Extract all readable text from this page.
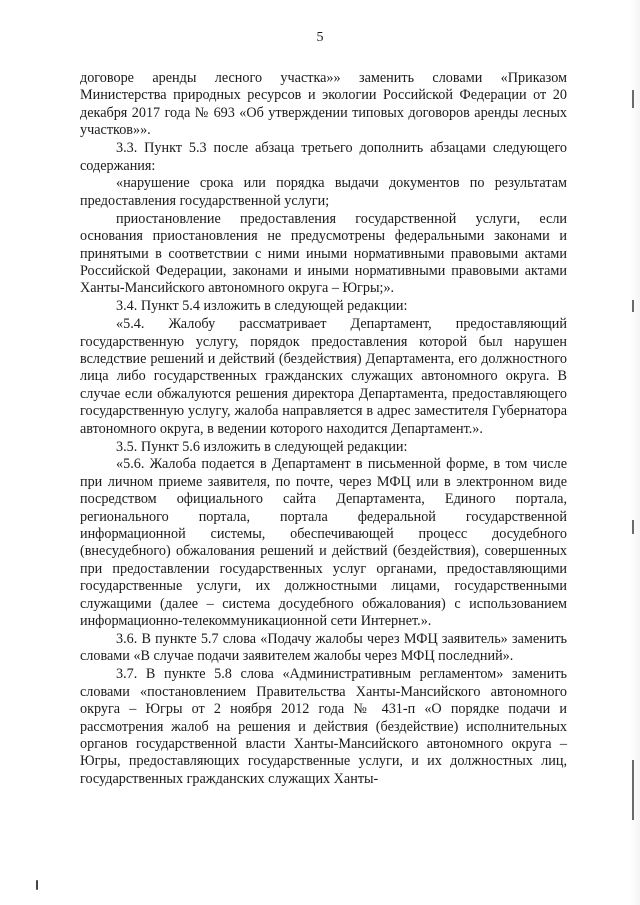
5

договоре аренды лесного участка»» заменить словами «Приказом Министерства природных ресурсов и экологии Российской Федерации от 20 декабря 2017 года № 693 «Об утверждении типовых договоров аренды лесных участков»».

3.3. Пункт 5.3 после абзаца третьего дополнить абзацами следующего содержания:

«нарушение срока или порядка выдачи документов по результатам предоставления государственной услуги;

приостановление предоставления государственной услуги, если основания приостановления не предусмотрены федеральными законами и принятыми в соответствии с ними иными нормативными правовыми актами Российской Федерации, законами и иными нормативными правовыми актами Ханты-Мансийского автономного округа – Югры;».

3.4. Пункт 5.4 изложить в следующей редакции:

«5.4. Жалобу рассматривает Департамент, предоставляющий государственную услугу, порядок предоставления которой был нарушен вследствие решений и действий (бездействия) Департамента, его должностного лица либо государственных гражданских служащих автономного округа. В случае если обжалуются решения директора Департамента, предоставляющего государственную услугу, жалоба направляется в адрес заместителя Губернатора автономного округа, в ведении которого находится Департамент.».

3.5. Пункт 5.6 изложить в следующей редакции:

«5.6. Жалоба подается в Департамент в письменной форме, в том числе при личном приеме заявителя, по почте, через МФЦ или в электронном виде посредством официального сайта Департамента, Единого портала, регионального портала, портала федеральной государственной информационной системы, обеспечивающей процесс досудебного (внесудебного) обжалования решений и действий (бездействия), совершенных при предоставлении государственных услуг органами, предоставляющими государственные услуги, их должностными лицами, государственными служащими (далее – система досудебного обжалования) с использованием информационно-телекоммуникационной сети Интернет.».

3.6. В пункте 5.7 слова «Подачу жалобы через МФЦ заявитель» заменить словами «В случае подачи заявителем жалобы через МФЦ последний».

3.7. В пункте 5.8 слова «Административным регламентом» заменить словами «постановлением Правительства Ханты-Мансийского автономного округа – Югры от 2 ноября 2012 года № 431-п «О порядке подачи и рассмотрения жалоб на решения и действия (бездействие) исполнительных органов государственной власти Ханты-Мансийского автономного округа – Югры, предоставляющих государственные услуги, и их должностных лиц, государственных гражданских служащих Ханты-
